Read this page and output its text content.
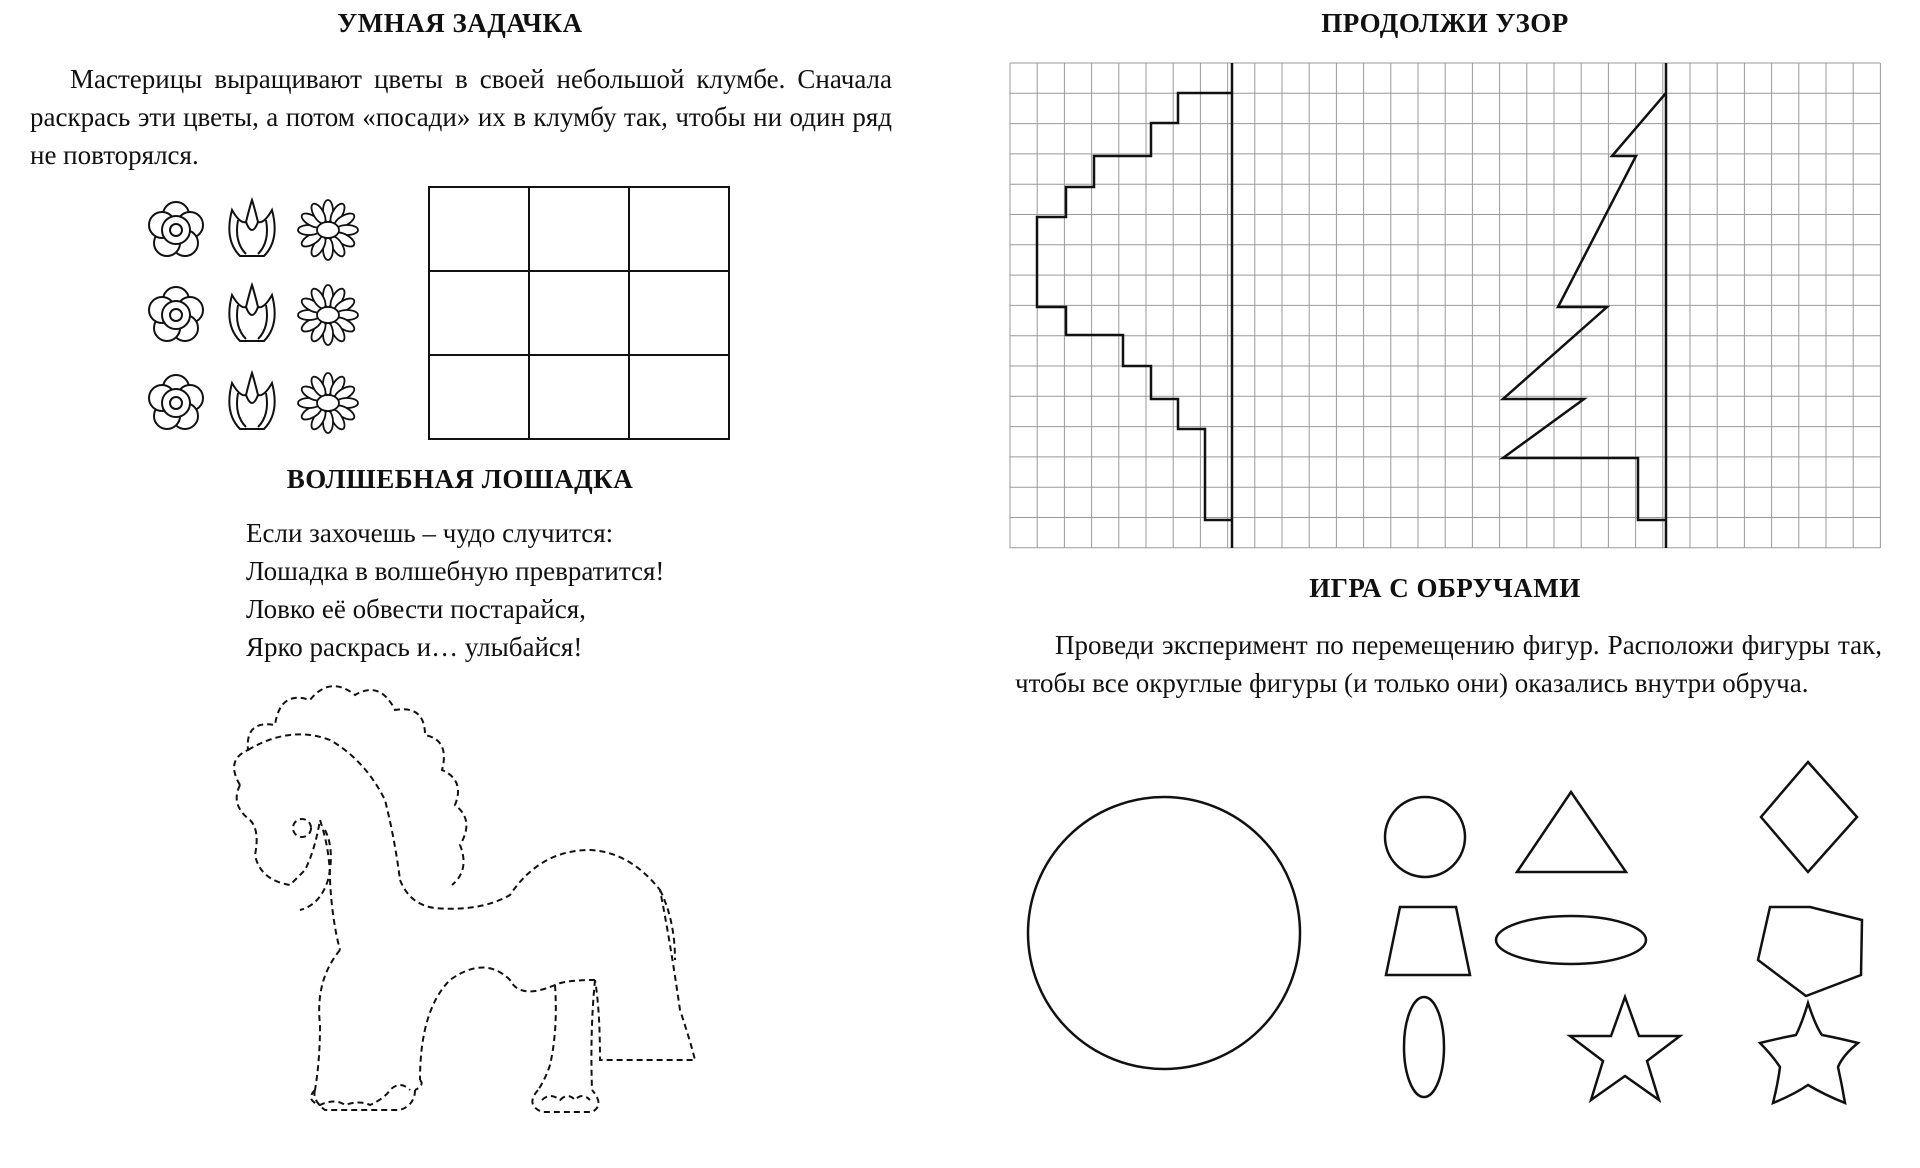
УМНАЯ ЗАДАЧКА

Мастерицы выращивают цветы в своей небольшой клумбе. Сначала раскрась эти цветы, а потом «посади» их в клумбу так, чтобы ни один ряд не повторялся.

ВОЛШЕБНАЯ ЛОШАДКА
Если захочешь – чудо случится:
Лошадка в волшебную превратится!
Ловко её обвести постарайся,
Ярко раскрась и… улыбайся!
ПРОДОЛЖИ УЗОР
ИГРА С ОБРУЧАМИ

Проведи эксперимент по перемещению фигур. Расположи фигуры так, чтобы все округлые фигуры (и только они) оказались внутри обруча.
